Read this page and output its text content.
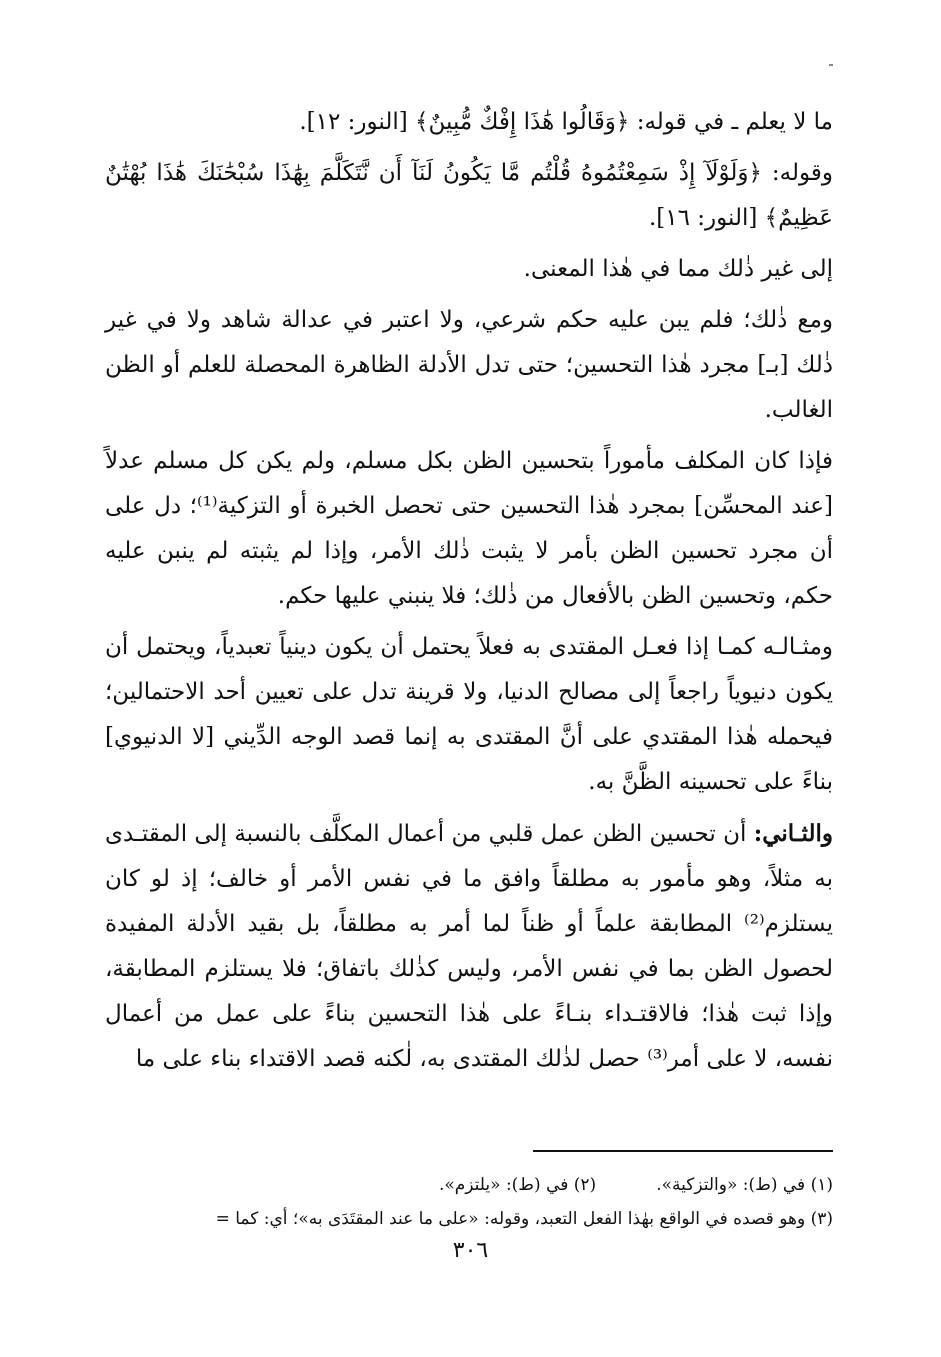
ما لا يعلم ـ في قوله: ﴿وَقَالُوا هَٰذَا إِفْكٌ مُّبِينٌ﴾ [النور: ١٢].

وقوله: ﴿وَلَوْلَآ إِذْ سَمِعْتُمُوهُ قُلْتُم مَّا يَكُونُ لَنَآ أَن نَّتَكَلَّمَ بِهَٰذَا سُبْحَٰنَكَ هَٰذَا بُهْتَٰنٌ عَظِيمٌ﴾ [النور: ١٦].

إلى غير ذٰلك مما في هٰذا المعنى.

ومع ذٰلك؛ فلم يبن عليه حكم شرعي، ولا اعتبر في عدالة شاهد ولا في غير ذٰلك [بـ] مجرد هٰذا التحسين؛ حتى تدل الأدلة الظاهرة المحصلة للعلم أو الظن الغالب.

فإذا كان المكلف مأموراً بتحسين الظن بكل مسلم، ولم يكن كل مسلم عدلاً [عند المحسِّن] بمجرد هٰذا التحسين حتى تحصل الخبرة أو التزكية⁽¹⁾؛ دل على أن مجرد تحسين الظن بأمر لا يثبت ذٰلك الأمر، وإذا لم يثبته لم ينبن عليه حكم، وتحسين الظن بالأفعال من ذٰلك؛ فلا ينبني عليها حكم.

ومثـالـه كمـا إذا فعـل المقتدى به فعلاً يحتمل أن يكون دينياً تعبدياً، ويحتمل أن يكون دنيوياً راجعاً إلى مصالح الدنيا، ولا قرينة تدل على تعيين أحد الاحتمالين؛ فيحمله هٰذا المقتدي على أنَّ المقتدى به إنما قصد الوجه الدِّيني [لا الدنيوي] بناءً على تحسينه الظَّنَّ به.

والثـاني: أن تحسين الظن عمل قلبي من أعمال المكلَّف بالنسبة إلى المقتـدى به مثلاً، وهو مأمور به مطلقاً وافق ما في نفس الأمر أو خالف؛ إذ لو كان يستلزم⁽²⁾ المطابقة علماً أو ظناً لما أمر به مطلقاً، بل بقيد الأدلة المفيدة لحصول الظن بما في نفس الأمر، وليس كذٰلك باتفاق؛ فلا يستلزم المطابقة، وإذا ثبت هٰذا؛ فالاقتـداء بنـاءً على هٰذا التحسين بناءً على عمل من أعمال نفسه، لا على أمر⁽³⁾ حصل لذٰلك المقتدى به، لٰكنه قصد الاقتداء بناء على ما

(١) في (ط): «والتزكية».
(٢) في (ط): «يلتزم».
(٣) وهو قصده في الواقع بهٰذا الفعل التعبد، وقوله: «على ما عند المقتَدَى به»؛ أي: كما =
٣٠٦
